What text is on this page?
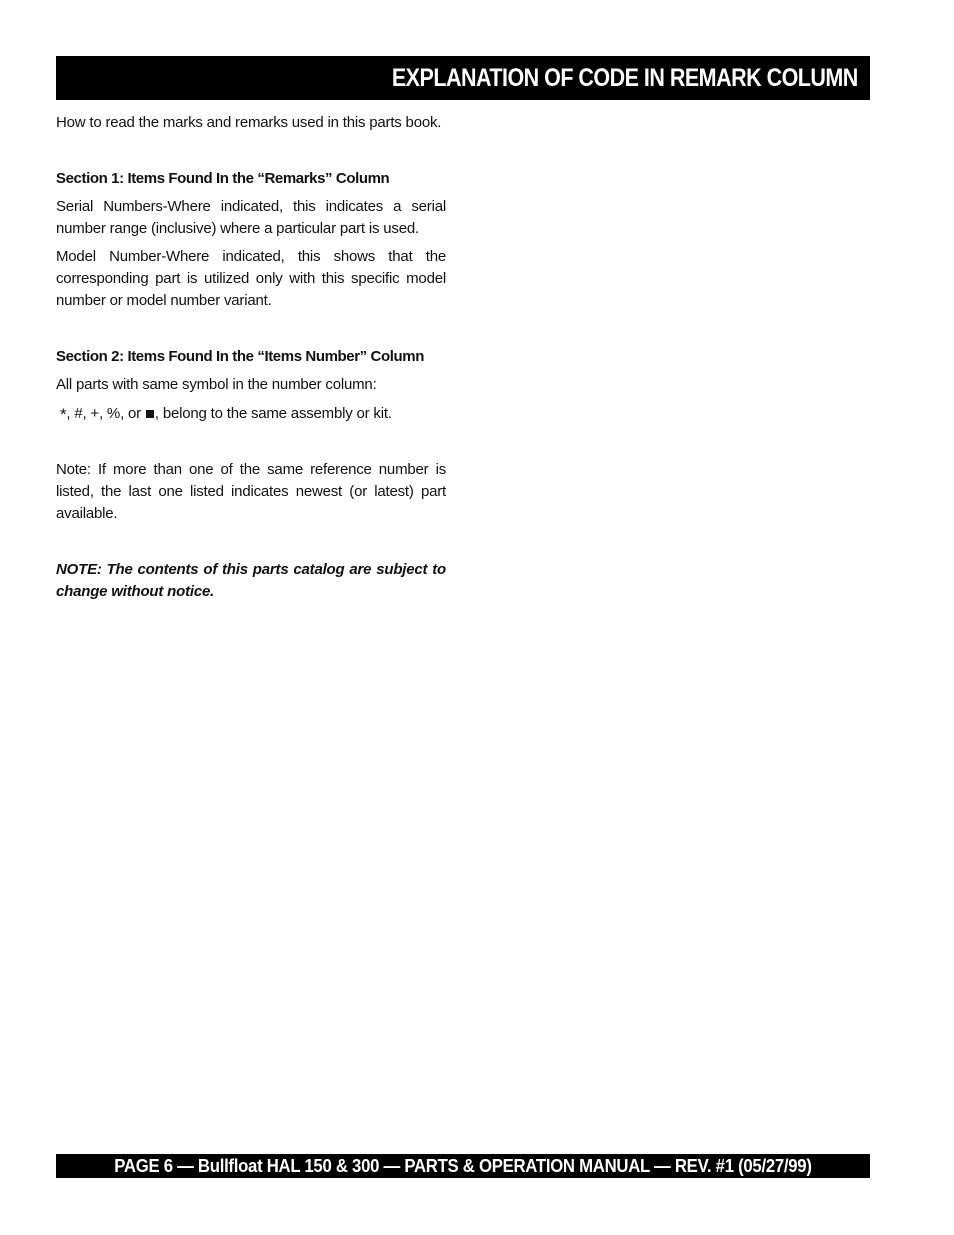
EXPLANATION OF CODE IN REMARK COLUMN

How to read the marks and remarks used in this parts book.

Section 1: Items Found In the “Remarks” Column

Serial Numbers-Where indicated, this indicates a serial number range (inclusive) where a particular part is used.

Model Number-Where indicated, this shows that the corresponding part is utilized only with this specific model number or model number variant.

Section 2: Items Found In the “Items Number” Column

All parts with same symbol in the number column:

*, #, +, %, or , belong to the same assembly or kit.

Note: If more than one of the same reference number is listed, the last one listed indicates newest (or latest) part available.

NOTE: The contents of this parts catalog are subject to change without notice.

PAGE 6 — Bullfloat HAL 150 & 300 — PARTS & OPERATION MANUAL — REV. #1 (05/27/99)
